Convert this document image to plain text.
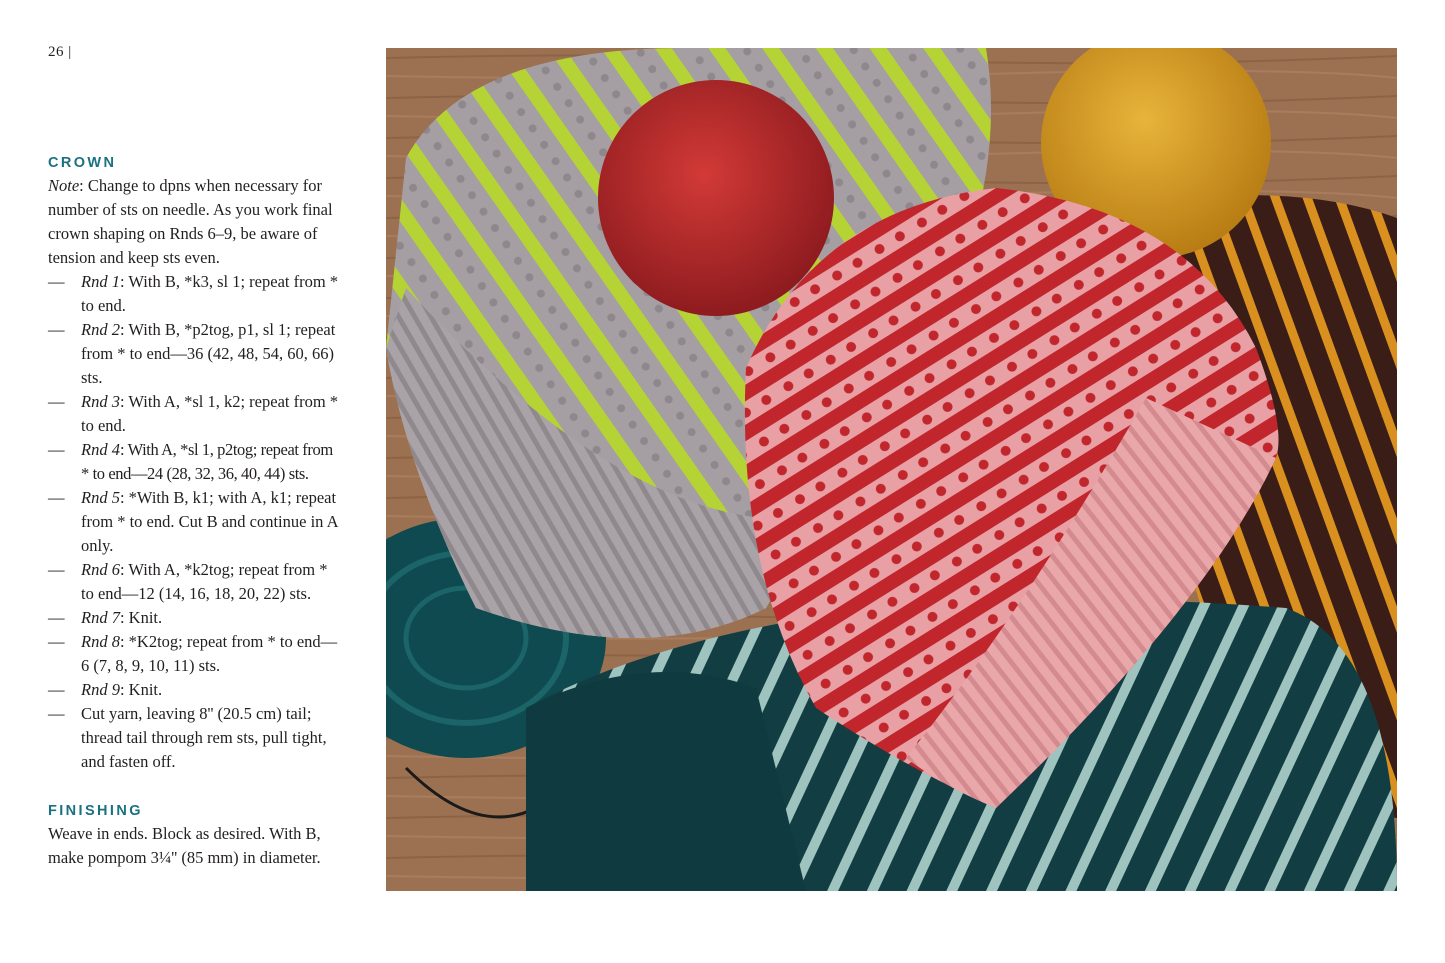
26 |
CROWN

Note: Change to dpns when necessary for number of sts on needle. As you work final crown shaping on Rnds 6–9, be aware of tension and keep sts even.

— Rnd 1: With B, *k3, sl 1; repeat from * to end.
— Rnd 2: With B, *p2tog, p1, sl 1; repeat from * to end—36 (42, 48, 54, 60, 66) sts.
— Rnd 3: With A, *sl 1, k2; repeat from * to end.
— Rnd 4: With A, *sl 1, p2tog; repeat from * to end—24 (28, 32, 36, 40, 44) sts.
— Rnd 5: *With B, k1; with A, k1; repeat from * to end. Cut B and continue in A only.
— Rnd 6: With A, *k2tog; repeat from * to end—12 (14, 16, 18, 20, 22) sts.
— Rnd 7: Knit.
— Rnd 8: *K2tog; repeat from * to end—6 (7, 8, 9, 10, 11) sts.
— Rnd 9: Knit.
— Cut yarn, leaving 8'' (20.5 cm) tail; thread tail through rem sts, pull tight, and fasten off.
FINISHING

Weave in ends. Block as desired. With B, make pompom 3¼'' (85 mm) in diameter.
